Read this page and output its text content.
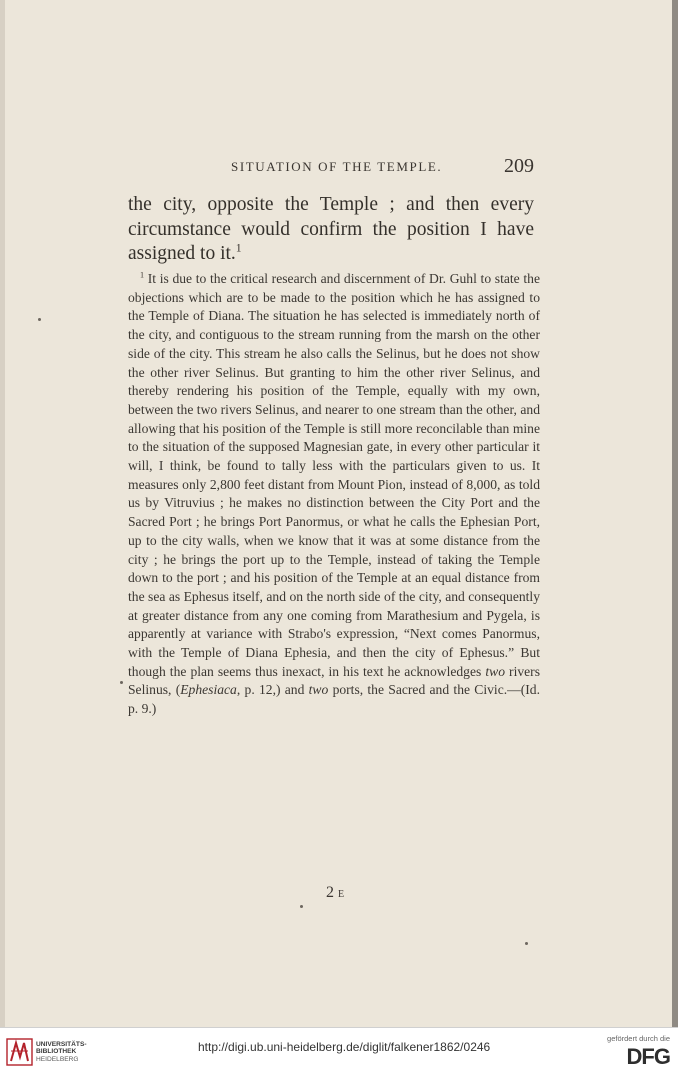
SITUATION OF THE TEMPLE.	209

the city, opposite the Temple ; and then every circumstance would confirm the position I have assigned to it.$^1$

$^1$ It is due to the critical research and discernment of Dr. Guhl to state the objections which are to be made to the position which he has assigned to the Temple of Diana. The situation he has selected is immediately north of the city, and contiguous to the stream running from the marsh on the other side of the city. This stream he also calls the Selinus, but he does not show the other river Selinus. But granting to him the other river Selinus, and thereby rendering his position of the Temple, equally with my own, between the two rivers Selinus, and nearer to one stream than the other, and allowing that his position of the Temple is still more reconcilable than mine to the situation of the supposed Magnesian gate, in every other particular it will, I think, be found to tally less with the particulars given to us. It measures only 2,800 feet distant from Mount Pion, instead of 8,000, as told us by Vitruvius ; he makes no distinction between the City Port and the Sacred Port ; he brings Port Panormus, or what he calls the Ephesian Port, up to the city walls, when we know that it was at some distance from the city ; he brings the port up to the Temple, instead of taking the Temple down to the port ; and his position of the Temple at an equal distance from the sea as Ephesus itself, and on the north side of the city, and consequently at greater distance from any one coming from Marathesium and Pygela, is apparently at variance with Strabo's expression, “Next comes Panormus, with the Temple of Diana Ephesia, and then the city of Ephesus.” But though the plan seems thus inexact, in his text he acknowledges two rivers Selinus, (Ephesiaca, p. 12,) and two ports, the Sacred and the Civic.—(Id. p. 9.)

2 E
UNIVERSITÄTS-
BIBLIOTHEK
HEIDELBERG
http://digi.ub.uni-heidelberg.de/diglit/falkener1862/0246
gefördert durch die
DFG
